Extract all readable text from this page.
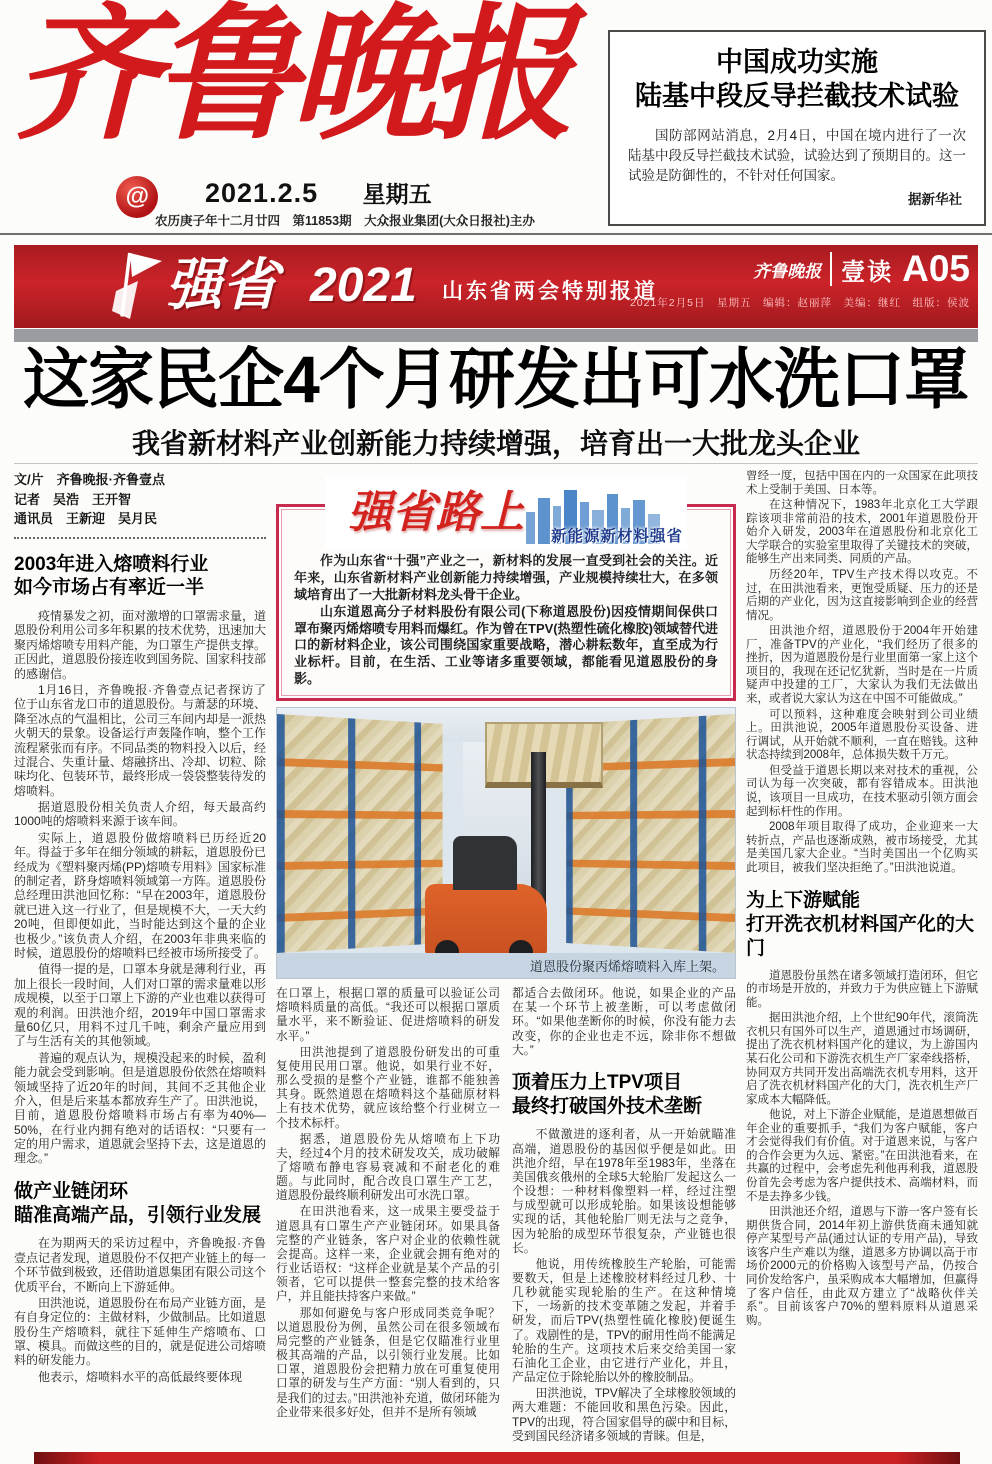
齐鲁晚报
@ 2021.2.5 星期五
农历庚子年十二月廿四　第11853期　大众报业集团(大众日报社)主办
中国成功实施
陆基中段反导拦截技术试验

国防部网站消息，2月4日，中国在境内进行了一次陆基中段反导拦截技术试验，试验达到了预期目的。这一试验是防御性的，不针对任何国家。

据新华社
强省 2021 山东省两会特别报道
齐鲁晚报 壹读 A05
2021年2月5日　星期五　编辑：赵丽萍　美编：继红　组版：侯波
这家民企4个月研发出可水洗口罩
我省新材料产业创新能力持续增强，培育出一大批龙头企业
文/片　齐鲁晚报·齐鲁壹点
记者　吴浩　王开智
通讯员　王新迎　吴月民
2003年进入熔喷料行业
如今市场占有率近一半

疫情暴发之初，面对激增的口罩需求量，道恩股份利用公司多年积累的技术优势，迅速加大聚丙烯熔喷专用料产能，为口罩生产提供支撑。正因此，道恩股份接连收到国务院、国家科技部的感谢信。

1月16日，齐鲁晚报·齐鲁壹点记者探访了位于山东省龙口市的道恩股份。与萧瑟的环境、降至冰点的气温相比，公司三车间内却是一派热火朝天的景象。设备运行声轰隆作响，整个工作流程紧张而有序。不同品类的物料投入以后，经过混合、失重计量、熔融挤出、冷却、切粒、除味均化、包装环节，最终形成一袋袋整装待发的熔喷料。

据道恩股份相关负责人介绍，每天最高约1000吨的熔喷料来源于该车间。

实际上，道恩股份做熔喷料已历经近20年。得益于多年在细分领域的耕耘，道恩股份已经成为《塑料聚丙烯(PP)熔喷专用料》国家标准的制定者，跻身熔喷料领域第一方阵。道恩股份总经理田洪池回忆称：“早在2003年，道恩股份就已进入这一行业了，但是规模不大，一天大约20吨，但即便如此，当时能达到这个量的企业也极少。”该负责人介绍，在2003年非典来临的时候，道恩股份的熔喷料已经被市场所接受了。

值得一提的是，口罩本身就是薄利行业，再加上很长一段时间，人们对口罩的需求量难以形成规模，以至于口罩上下游的产业也难以获得可观的利润。田洪池介绍，2019年中国口罩需求量60亿只，用料不过几千吨，剩余产量应用到了与生活有关的其他领域。

普遍的观点认为，规模没起来的时候，盈利能力就会受到影响。但是道恩股份依然在熔喷料领域坚持了近20年的时间，其间不乏其他企业介入，但是后来基本都放弃生产了。田洪池说，目前，道恩股份熔喷料市场占有率为40%—50%，在行业内拥有绝对的话语权：“只要有一定的用户需求，道恩就会坚持下去，这是道恩的理念。”

做产业链闭环
瞄准高端产品，引领行业发展

在为期两天的采访过程中，齐鲁晚报·齐鲁壹点记者发现，道恩股份不仅把产业链上的每一个环节做到极致，还借助道恩集团有限公司这个优质平台，不断向上下游延伸。

田洪池说，道恩股份在布局产业链方面，是有自身定位的：主做材料，少做制品。比如道恩股份生产熔喷料，就往下延伸生产熔喷布、口罩、模具。而做这些的目的，就是促进公司熔喷料的研发能力。

他表示，熔喷料水平的高低最终要体现

强省路上 新能源新材料强省

作为山东省“十强”产业之一，新材料的发展一直受到社会的关注。近年来，山东省新材料产业创新能力持续增强，产业规模持续壮大，在多领域培育出了一大批新材料龙头骨干企业。

山东道恩高分子材料股份有限公司(下称道恩股份)因疫情期间保供口罩布聚丙烯熔喷专用料而爆红。作为曾在TPV(热塑性硫化橡胶)领域替代进口的新材料企业，该公司围绕国家重要战略，潜心耕耘数年，直至成为行业标杆。目前，在生活、工业等诸多重要领域，都能看见道恩股份的身影。

道恩股份聚丙烯熔喷料入库上架。

在口罩上，根据口罩的质量可以验证公司熔喷料质量的高低。“我还可以根据口罩质量水平，来不断验证、促进熔喷料的研发水平。”

田洪池提到了道恩股份研发出的可重复使用民用口罩。他说，如果行业不好，那么受损的是整个产业链，谁都不能独善其身。既然道恩在熔喷料这个基础原材料上有技术优势，就应该给整个行业树立一个技术标杆。

据悉，道恩股份先从熔喷布上下功夫，经过4个月的技术研发攻关，成功破解了熔喷布静电容易衰减和不耐老化的难题。与此同时，配合改良口罩生产工艺，道恩股份最终顺利研发出可水洗口罩。

在田洪池看来，这一成果主要受益于道恩具有口罩生产产业链闭环。如果具备完整的产业链条，客户对企业的依赖性就会提高。这样一来，企业就会拥有绝对的行业话语权：“这样企业就是某个产品的引领者，它可以提供一整套完整的技术给客户，并且能扶持客户来做。”

那如何避免与客户形成同类竞争呢？以道恩股份为例，虽然公司在很多领域布局完整的产业链条，但是它仅瞄准行业里极其高端的产品，以引领行业发展。比如口罩，道恩股份会把精力放在可重复使用口罩的研发与生产方面：“别人看到的，只是我们的过去。”田洪池补充道，做闭环能为企业带来很多好处，但并不是所有领域

都适合去做闭环。他说，如果企业的产品在某一个环节上被垄断，可以考虑做闭环。“如果他垄断你的时候，你没有能力去改变，你的企业也走不远，除非你不想做大。”

顶着压力上TPV项目
最终打破国外技术垄断

不做激进的逐利者，从一开始就瞄准高端，道恩股份的基因似乎便是如此。田洪池介绍，早在1978年至1983年，坐落在美国俄亥俄州的全球5大轮胎厂发起这么一个设想：一种材料像塑料一样，经过注塑与成型就可以形成轮胎。如果该设想能够实现的话，其他轮胎厂则无法与之竞争，因为轮胎的成型环节很复杂，产业链也很长。

他说，用传统橡胶生产轮胎，可能需要数天，但是上述橡胶材料经过几秒、十几秒就能实现轮胎的生产。在这种情境下，一场新的技术变革随之发起，并着手研发，而后TPV(热塑性硫化橡胶)便诞生了。戏剧性的是，TPV的耐用性尚不能满足轮胎的生产。这项技术后来交给美国一家石油化工企业，由它进行产业化，并且，产品定位于除轮胎以外的橡胶制品。

田洪池说，TPV解决了全球橡胶领域的两大难题：不能回收和黑色污染。因此，TPV的出现，符合国家倡导的碳中和目标，受到国民经济诸多领域的青睐。但是，

曾经一度，包括中国在内的一众国家在此项技术上受制于美国、日本等。

在这种情况下，1983年北京化工大学跟踪该项非常前沿的技术，2001年道恩股份开始介入研发，2003年在道恩股份和北京化工大学联合的实验室里取得了关键技术的突破，能够生产出来同类、同质的产品。

历经20年，TPV生产技术得以攻克。不过，在田洪池看来，更饱受质疑、压力的还是后期的产业化，因为这直接影响到企业的经营情况。

田洪池介绍，道恩股份于2004年开始建厂，准备TPV的产业化，“我们经历了很多的挫折，因为道恩股份是行业里面第一家上这个项目的，我现在还记忆犹新，当时是在一片质疑声中投建的工厂，大家认为我们无法做出来，或者说大家认为这在中国不可能做成。”

可以预料，这种难度会映射到公司业绩上。田洪池说，2005年道恩股份买设备、进行调试，从开始就不顺利，一直在赔钱。这种状态持续到2008年，总体损失数千万元。

但受益于道恩长期以来对技术的重视，公司认为每一次突破，都有容错成本。田洪池说，该项目一旦成功，在技术驱动引领方面会起到标杆性的作用。

2008年项目取得了成功，企业迎来一大转折点，产品也逐渐成熟，被市场接受，尤其是美国几家大企业。“当时美国出一个亿购买此项目，被我们坚决拒绝了。”田洪池说道。

为上下游赋能
打开洗衣机材料国产化的大门

道恩股份虽然在诸多领域打造闭环，但它的市场是开放的，并致力于为供应链上下游赋能。

据田洪池介绍，上个世纪90年代，滚筒洗衣机只有国外可以生产，道恩通过市场调研，提出了洗衣机材料国产化的建议，为上游国内某石化公司和下游洗衣机生产厂家牵线搭桥，协同双方共同开发出高端洗衣机专用料，这开启了洗衣机材料国产化的大门，洗衣机生产厂家成本大幅降低。

他说，对上下游企业赋能，是道恩想做百年企业的重要抓手，“我们为客户赋能，客户才会觉得我们有价值。对于道恩来说，与客户的合作会更为久远、紧密。”在田洪池看来，在共赢的过程中，会考虑先利他再利我，道恩股份首先会考虑为客户提供技术、高端材料，而不是去挣多少钱。

田洪池还介绍，道恩与下游一客户签有长期供货合同，2014年初上游供货商未通知就停产某型号产品(通过认证的专用产品)，导致该客户生产难以为继，道恩多方协调以高于市场价2000元的价格购入该型号产品，仍按合同价发给客户，虽采购成本大幅增加，但赢得了客户信任，由此双方建立了“战略伙伴关系”。目前该客户70%的塑料原料从道恩采购。
